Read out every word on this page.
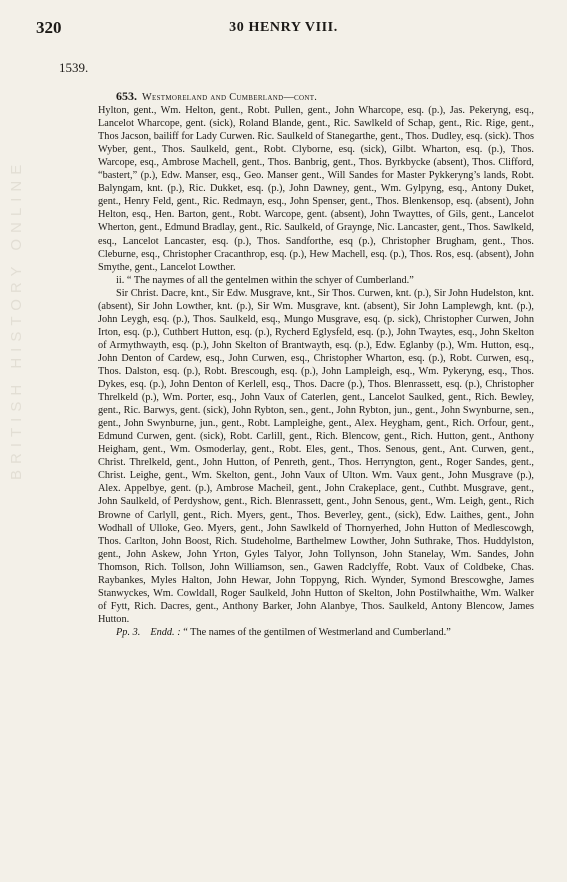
320	30 HENRY VIII.
1539.
BRITISH HISTORY ONLINE

653. Westmoreland and Cumberland—cont.

Hylton, gent., Wm. Helton, gent., Robt. Pullen, gent., John Wharcope, esq. (p.), Jas. Pekeryng, esq., Lancelot Wharcope, gent. (sick), Roland Blande, gent., Ric. Sawlkeld of Schap, gent., Ric. Rige, gent., Thos Jacson, bailiff for Lady Curwen. Ric. Saulkeld of Stanegarthe, gent., Thos. Dudley, esq. (sick). Thos Wyber, gent., Thos. Saulkeld, gent., Robt. Clyborne, esq. (sick), Gilbt. Wharton, esq. (p.), Thos. Warcope, esq., Ambrose Machell, gent., Thos. Banbrig, gent., Thos. Byrkbycke (absent), Thos. Clifford, “bastert,” (p.), Edw. Manser, esq., Geo. Manser gent., Will Sandes for Master Pykkeryng’s lands, Robt. Balyngam, knt. (p.), Ric. Dukket, esq. (p.), John Dawney, gent., Wm. Gylpyng, esq., Antony Duket, gent., Henry Feld, gent., Ric. Redmayn, esq., John Spenser, gent., Thos. Blenkensop, esq. (absent), John Helton, esq., Hen. Barton, gent., Robt. Warcope, gent. (absent), John Twayttes, of Gils, gent., Lancelot Wherton, gent., Edmund Bradlay, gent., Ric. Saulkeld, of Graynge, Nic. Lancaster, gent., Thos. Sawlkeld, esq., Lancelot Lancaster, esq. (p.), Thos. Sandforthe, esq (p.), Christopher Brugham, gent., Thos. Cleburne, esq., Christopher Cracanthrop, esq. (p.), Hew Machell, esq. (p.), Thos. Ros, esq. (absent), John Smythe, gent., Lancelot Lowther.

ii. “ The naymes of all the gentelmen within the schyer of Cumberland.”

Sir Christ. Dacre, knt., Sir Edw. Musgrave, knt., Sir Thos. Curwen, knt. (p.), Sir John Hudelston, knt. (absent), Sir John Lowther, knt. (p.), Sir Wm. Musgrave, knt. (absent), Sir John Lamplewgh, knt. (p.), John Leygh, esq. (p.), Thos. Saulkeld, esq., Mungo Musgrave, esq. (p. sick), Christopher Curwen, John Irton, esq. (p.), Cuthbert Hutton, esq. (p.), Rycherd Eglysfeld, esq. (p.), John Twaytes, esq., John Skelton of Armythwayth, esq. (p.), John Skelton of Brantwayth, esq. (p.), Edw. Eglanby (p.), Wm. Hutton, esq., John Denton of Cardew, esq., John Curwen, esq., Christopher Wharton, esq. (p.), Robt. Curwen, esq., Thos. Dalston, esq. (p.), Robt. Brescough, esq. (p.), John Lampleigh, esq., Wm. Pykeryng, esq., Thos. Dykes, esq. (p.), John Denton of Kerlell, esq., Thos. Dacre (p.), Thos. Blenrassett, esq. (p.), Christopher Threlkeld (p.), Wm. Porter, esq., John Vaux of Caterlen, gent., Lancelot Saulked, gent., Rich. Bewley, gent., Ric. Barwys, gent. (sick), John Rybton, sen., gent., John Rybton, jun., gent., John Swynburne, sen., gent., John Swynburne, jun., gent., Robt. Lampleighe, gent., Alex. Heygham, gent., Rich. Orfour, gent., Edmund Curwen, gent. (sick), Robt. Carlill, gent., Rich. Blencow, gent., Rich. Hutton, gent., Anthony Heigham, gent., Wm. Osmoderlay, gent., Robt. Eles, gent., Thos. Senous, gent., Ant. Curwen, gent., Christ. Threlkeld, gent., John Hutton, of Penreth, gent., Thos. Herryngton, gent., Roger Sandes, gent., Christ. Leighe, gent., Wm. Skelton, gent., John Vaux of Ulton. Wm. Vaux gent., John Musgrave (p.), Alex. Appelbye, gent. (p.), Ambrose Macheil, gent., John Crakeplace, gent., Cuthbt. Musgrave, gent., John Saulkeld, of Perdyshow, gent., Rich. Blenrassett, gent., John Senous, gent., Wm. Leigh, gent., Rich Browne of Carlyll, gent., Rich. Myers, gent., Thos. Beverley, gent., (sick), Edw. Laithes, gent., John Wodhall of Ulloke, Geo. Myers, gent., John Sawlkeld of Thornyerhed, John Hutton of Medlescowgh, Thos. Carlton, John Boost, Rich. Studeholme, Barthelmew Lowther, John Suthrake, Thos. Huddylston, gent., John Askew, John Yrton, Gyles Talyor, John Tollynson, John Stanelay, Wm. Sandes, John Thomson, Rich. Tollson, John Williamson, sen., Gawen Radclyffe, Robt. Vaux of Coldbeke, Chas. Raybankes, Myles Halton, John Hewar, John Toppyng, Rich. Wynder, Symond Brescowghe, James Stanwyckes, Wm. Cowldall, Roger Saulkeld, John Hutton of Skelton, John Postilwhaithe, Wm. Walker of Fytt, Rich. Dacres, gent., Anthony Barker, John Alanbye, Thos. Saulkeld, Antony Blencow, James Hutton.

Pp. 3. Endd. : “ The names of the gentilmen of Westmerland and Cumberland.”
